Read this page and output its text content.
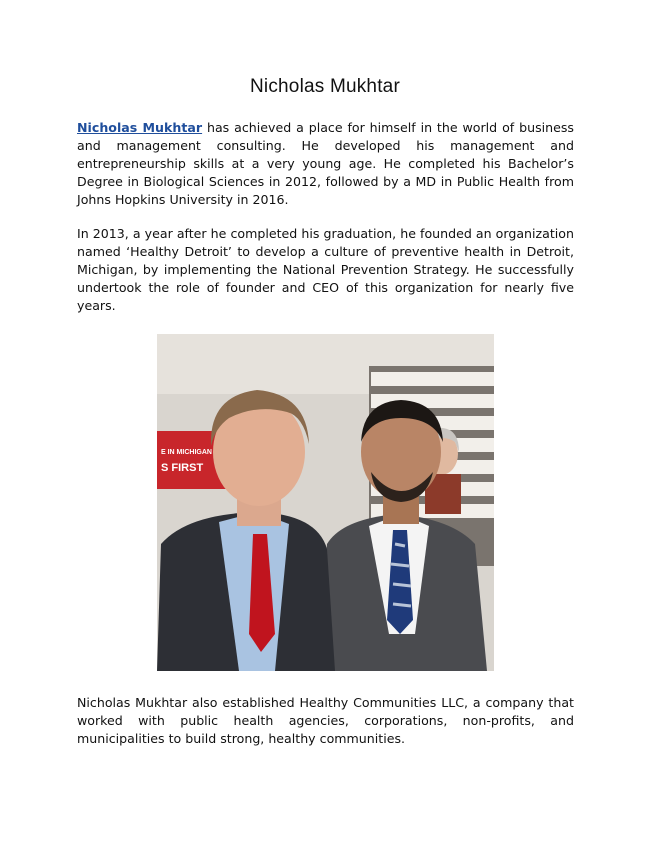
Nicholas Mukhtar

Nicholas Mukhtar has achieved a place for himself in the world of business and management consulting. He developed his management and entrepreneurship skills at a very young age. He completed his Bachelor’s Degree in Biological Sciences in 2012, followed by a MD in Public Health from Johns Hopkins University in 2016.

In 2013, a year after he completed his graduation, he founded an organization named ‘Healthy Detroit’ to develop a culture of preventive health in Detroit, Michigan, by implementing the National Prevention Strategy. He successfully undertook the role of founder and CEO of this organization for nearly five years.

E IN MICHIGAN
S FIRST

Nicholas Mukhtar also established Healthy Communities LLC, a company that worked with public health agencies, corporations, non-profits, and municipalities to build strong, healthy communities.
